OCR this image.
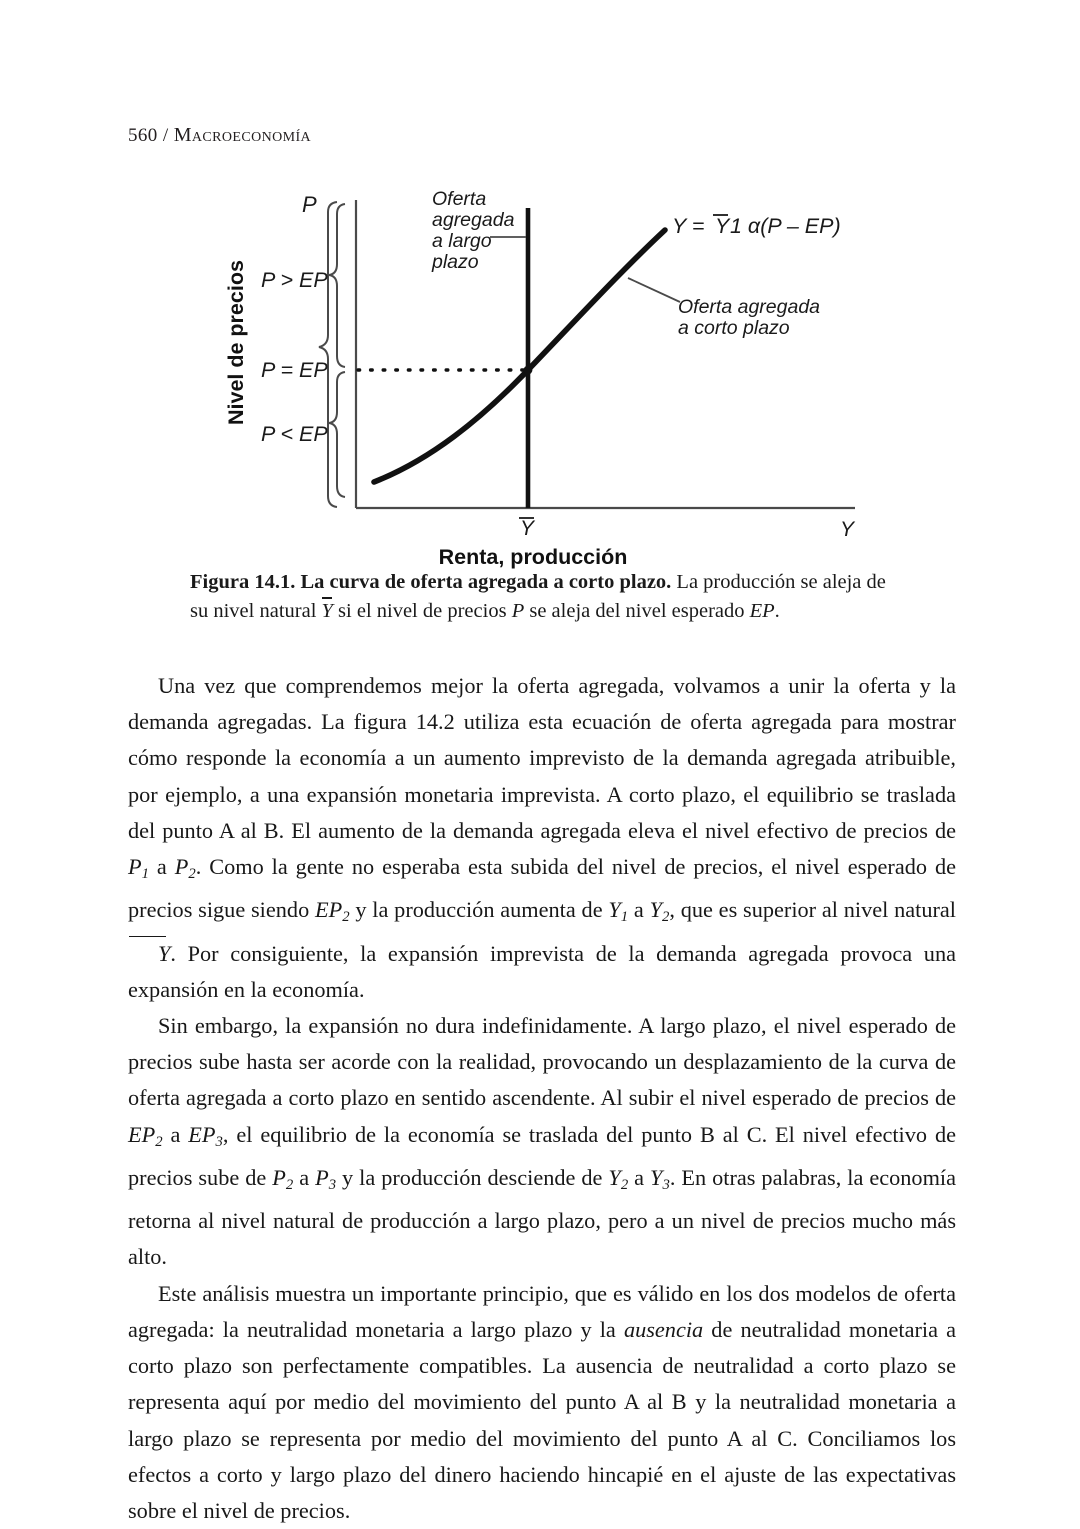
560 / Macroeconomía
P
P > EP
P = EP
P < EP
Nivel de precios
Oferta
agregada
a largo
plazo
Oferta agregada
a corto plazo
Y = Y 1 α(P – EP)
Y	Y
Renta, producción
Figura 14.1. La curva de oferta agregada a corto plazo. La producción se aleja de su nivel natural Y si el nivel de precios P se aleja del nivel esperado EP.

Una vez que comprendemos mejor la oferta agregada, volvamos a unir la oferta y la demanda agregadas. La figura 14.2 utiliza esta ecuación de oferta agregada para mostrar cómo responde la economía a un aumento imprevisto de la demanda agregada atribuible, por ejemplo, a una expansión monetaria imprevista. A corto plazo, el equilibrio se traslada del punto A al B. El aumento de la demanda agregada eleva el nivel efectivo de precios de $P_1$ a $P_2$. Como la gente no esperaba esta subida del nivel de precios, el nivel esperado de precios sigue siendo $EP_2$ y la producción aumenta de $Y_1$ a $Y_2$, que es superior al nivel natural Y. Por consiguiente, la expansión imprevista de la demanda agregada provoca una expansión en la economía.

Sin embargo, la expansión no dura indefinidamente. A largo plazo, el nivel esperado de precios sube hasta ser acorde con la realidad, provocando un desplazamiento de la curva de oferta agregada a corto plazo en sentido ascendente. Al subir el nivel esperado de precios de $EP_2$ a $EP_3$, el equilibrio de la economía se traslada del punto B al C. El nivel efectivo de precios sube de $P_2$ a $P_3$ y la producción desciende de $Y_2$ a $Y_3$. En otras palabras, la economía retorna al nivel natural de producción a largo plazo, pero a un nivel de precios mucho más alto.

Este análisis muestra un importante principio, que es válido en los dos modelos de oferta agregada: la neutralidad monetaria a largo plazo y la ausencia de neutralidad monetaria a corto plazo son perfectamente compatibles. La ausencia de neutralidad a corto plazo se representa aquí por medio del movimiento del punto A al B y la neutralidad monetaria a largo plazo se representa por medio del movimiento del punto A al C. Conciliamos los efectos a corto y largo plazo del dinero haciendo hincapié en el ajuste de las expectativas sobre el nivel de precios.
